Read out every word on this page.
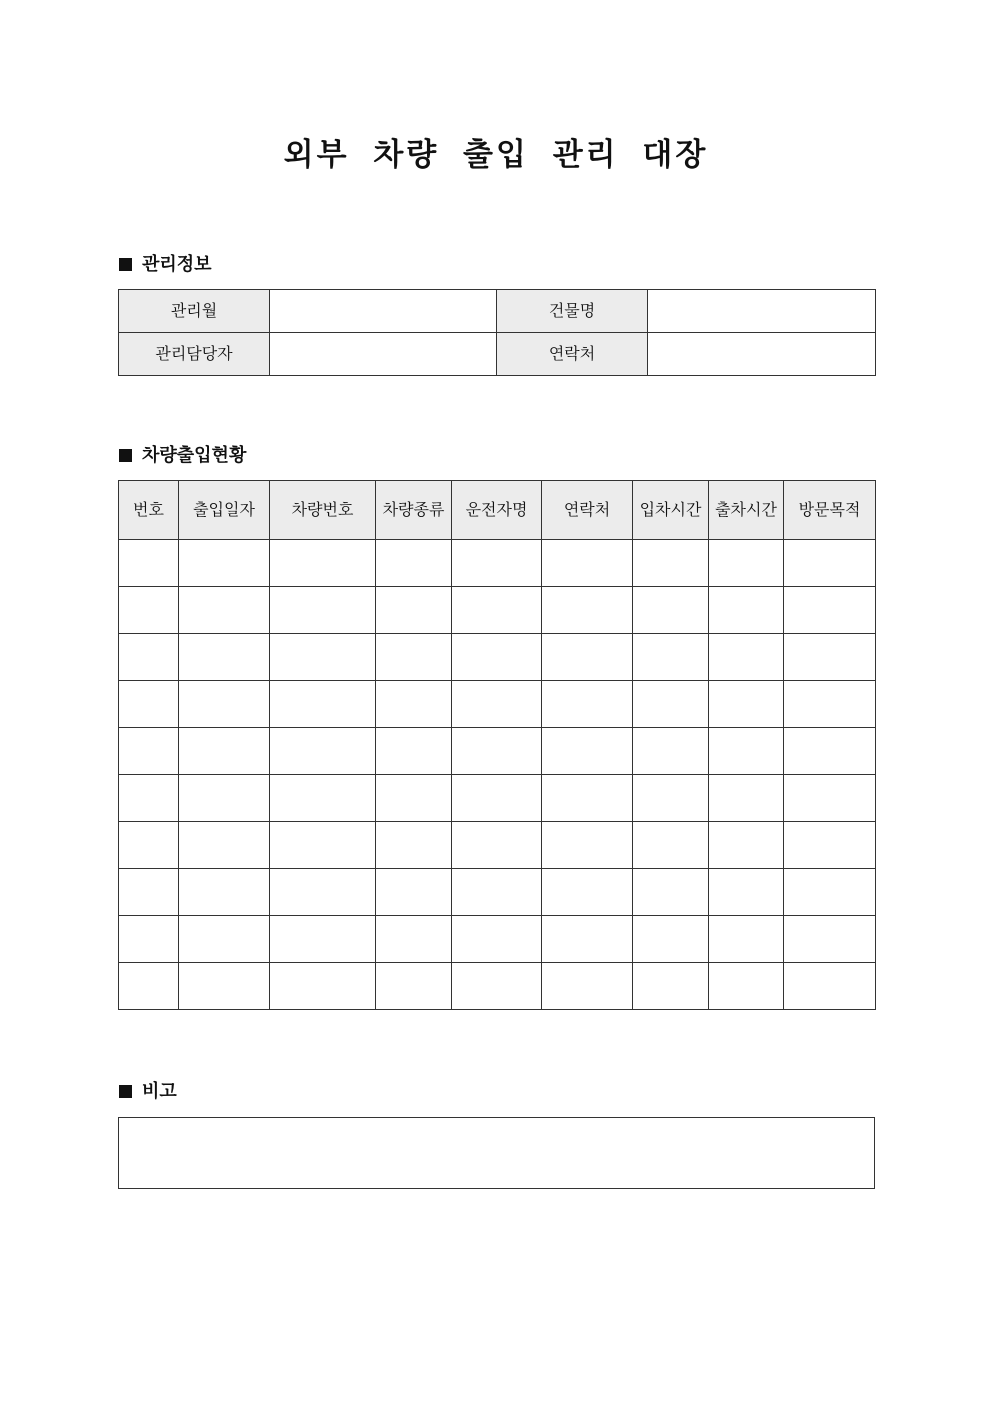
외부 차량 출입 관리 대장
관리정보
관리월		건물명	
관리담당자		연락처	
차량출입현황
번호	출입일자	차량번호	차량종류	운전자명	연락처	입차시간	출차시간	방문목적

비고
